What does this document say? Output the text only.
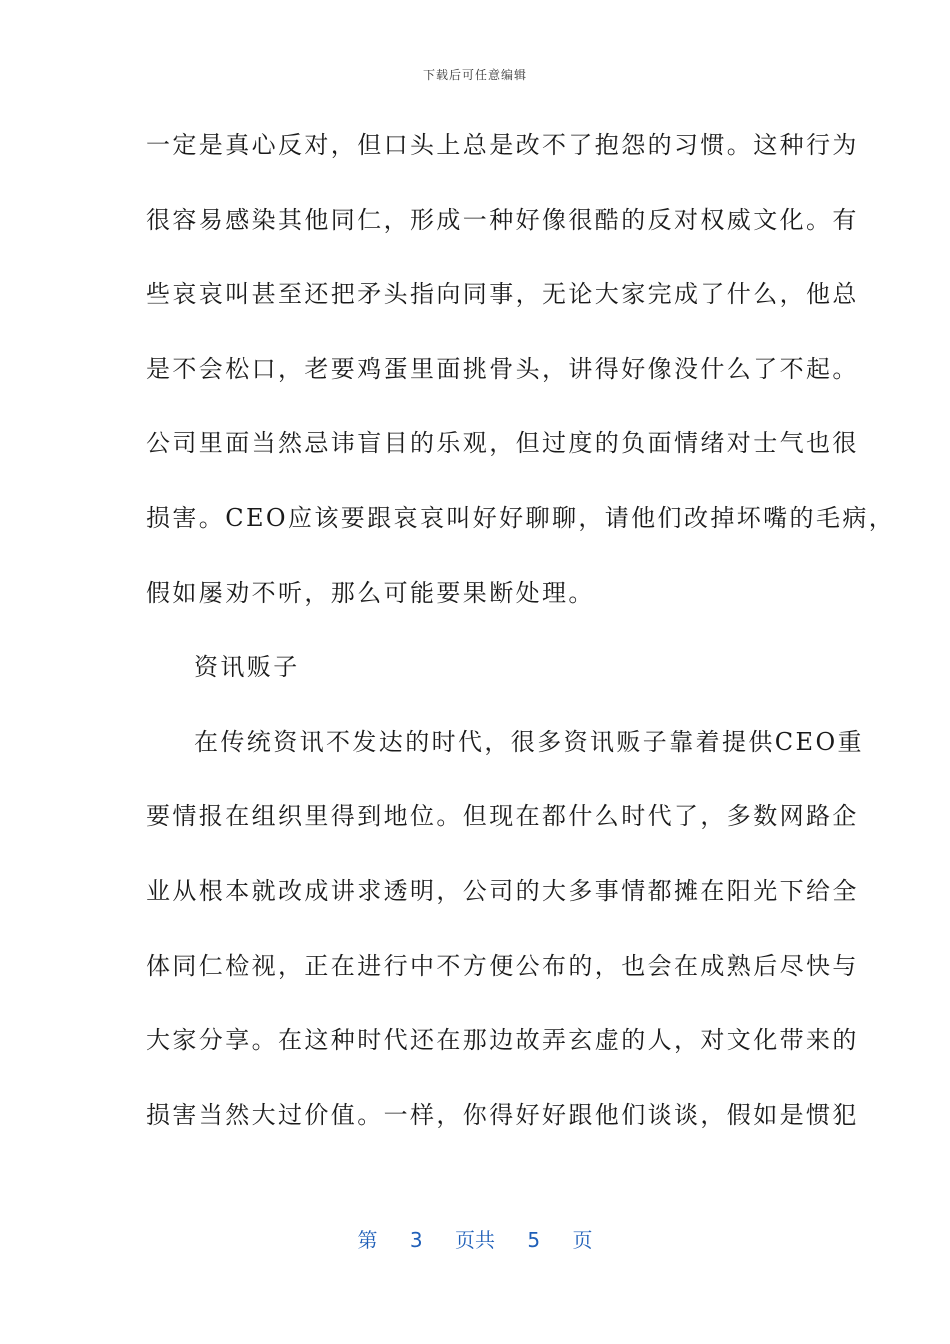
下载后可任意编辑
一定是真心反对，但口头上总是改不了抱怨的习惯。这种行为
很容易感染其他同仁，形成一种好像很酷的反对权威文化。有
些哀哀叫甚至还把矛头指向同事，无论大家完成了什么，他总
是不会松口，老要鸡蛋里面挑骨头，讲得好像没什么了不起。
公司里面当然忌讳盲目的乐观，但过度的负面情绪对士气也很
损害。CEO应该要跟哀哀叫好好聊聊，请他们改掉坏嘴的毛病，
假如屡劝不听，那么可能要果断处理。
资讯贩子
在传统资讯不发达的时代，很多资讯贩子靠着提供CEO重
要情报在组织里得到地位。但现在都什么时代了，多数网路企
业从根本就改成讲求透明，公司的大多事情都摊在阳光下给全
体同仁检视，正在进行中不方便公布的，也会在成熟后尽快与
大家分享。在这种时代还在那边故弄玄虚的人，对文化带来的
损害当然大过价值。一样，你得好好跟他们谈谈，假如是惯犯
第 3 页共 5 页
